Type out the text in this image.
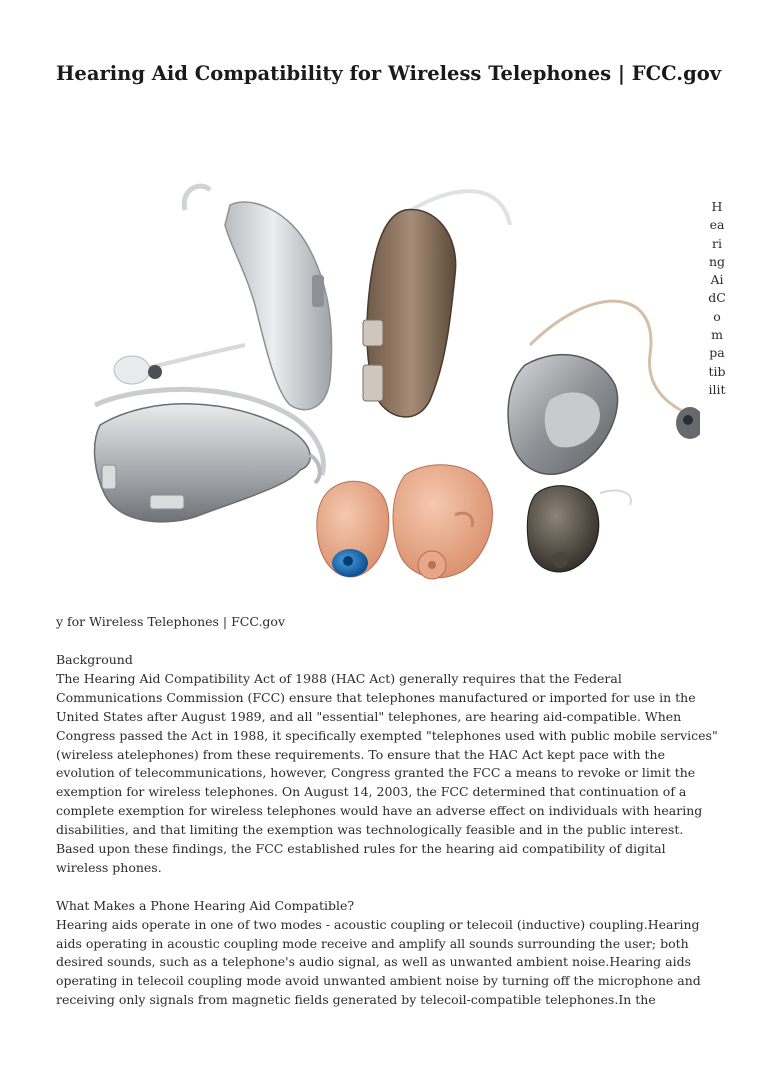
Hearing Aid Compatibility for Wireless Telephones | FCC.gov
HearingAidCompatibilit
y for Wireless Telephones | FCC.gov

Background

The Hearing Aid Compatibility Act of 1988 (HAC Act) generally requires that the Federal Communications Commission (FCC) ensure that telephones manufactured or imported for use in the United States after August 1989, and all "essential" telephones, are hearing aid-compatible. When Congress passed the Act in 1988, it specifically exempted "telephones used with public mobile services" (wireless atelephones) from these requirements. To ensure that the HAC Act kept pace with the evolution of telecommunications, however, Congress granted the FCC a means to revoke or limit the exemption for wireless telephones. On August 14, 2003, the FCC determined that continuation of a complete exemption for wireless telephones would have an adverse effect on individuals with hearing disabilities, and that limiting the exemption was technologically feasible and in the public interest. Based upon these findings, the FCC established rules for the hearing aid compatibility of digital wireless phones.

What Makes a Phone Hearing Aid Compatible?

Hearing aids operate in one of two modes - acoustic coupling or telecoil (inductive) coupling.Hearing aids operating in acoustic coupling mode receive and amplify all sounds surrounding the user; both desired sounds, such as a telephone's audio signal, as well as unwanted ambient noise.Hearing aids operating in telecoil coupling mode avoid unwanted ambient noise by turning off the microphone and receiving only signals from magnetic fields generated by telecoil-compatible telephones.In the
